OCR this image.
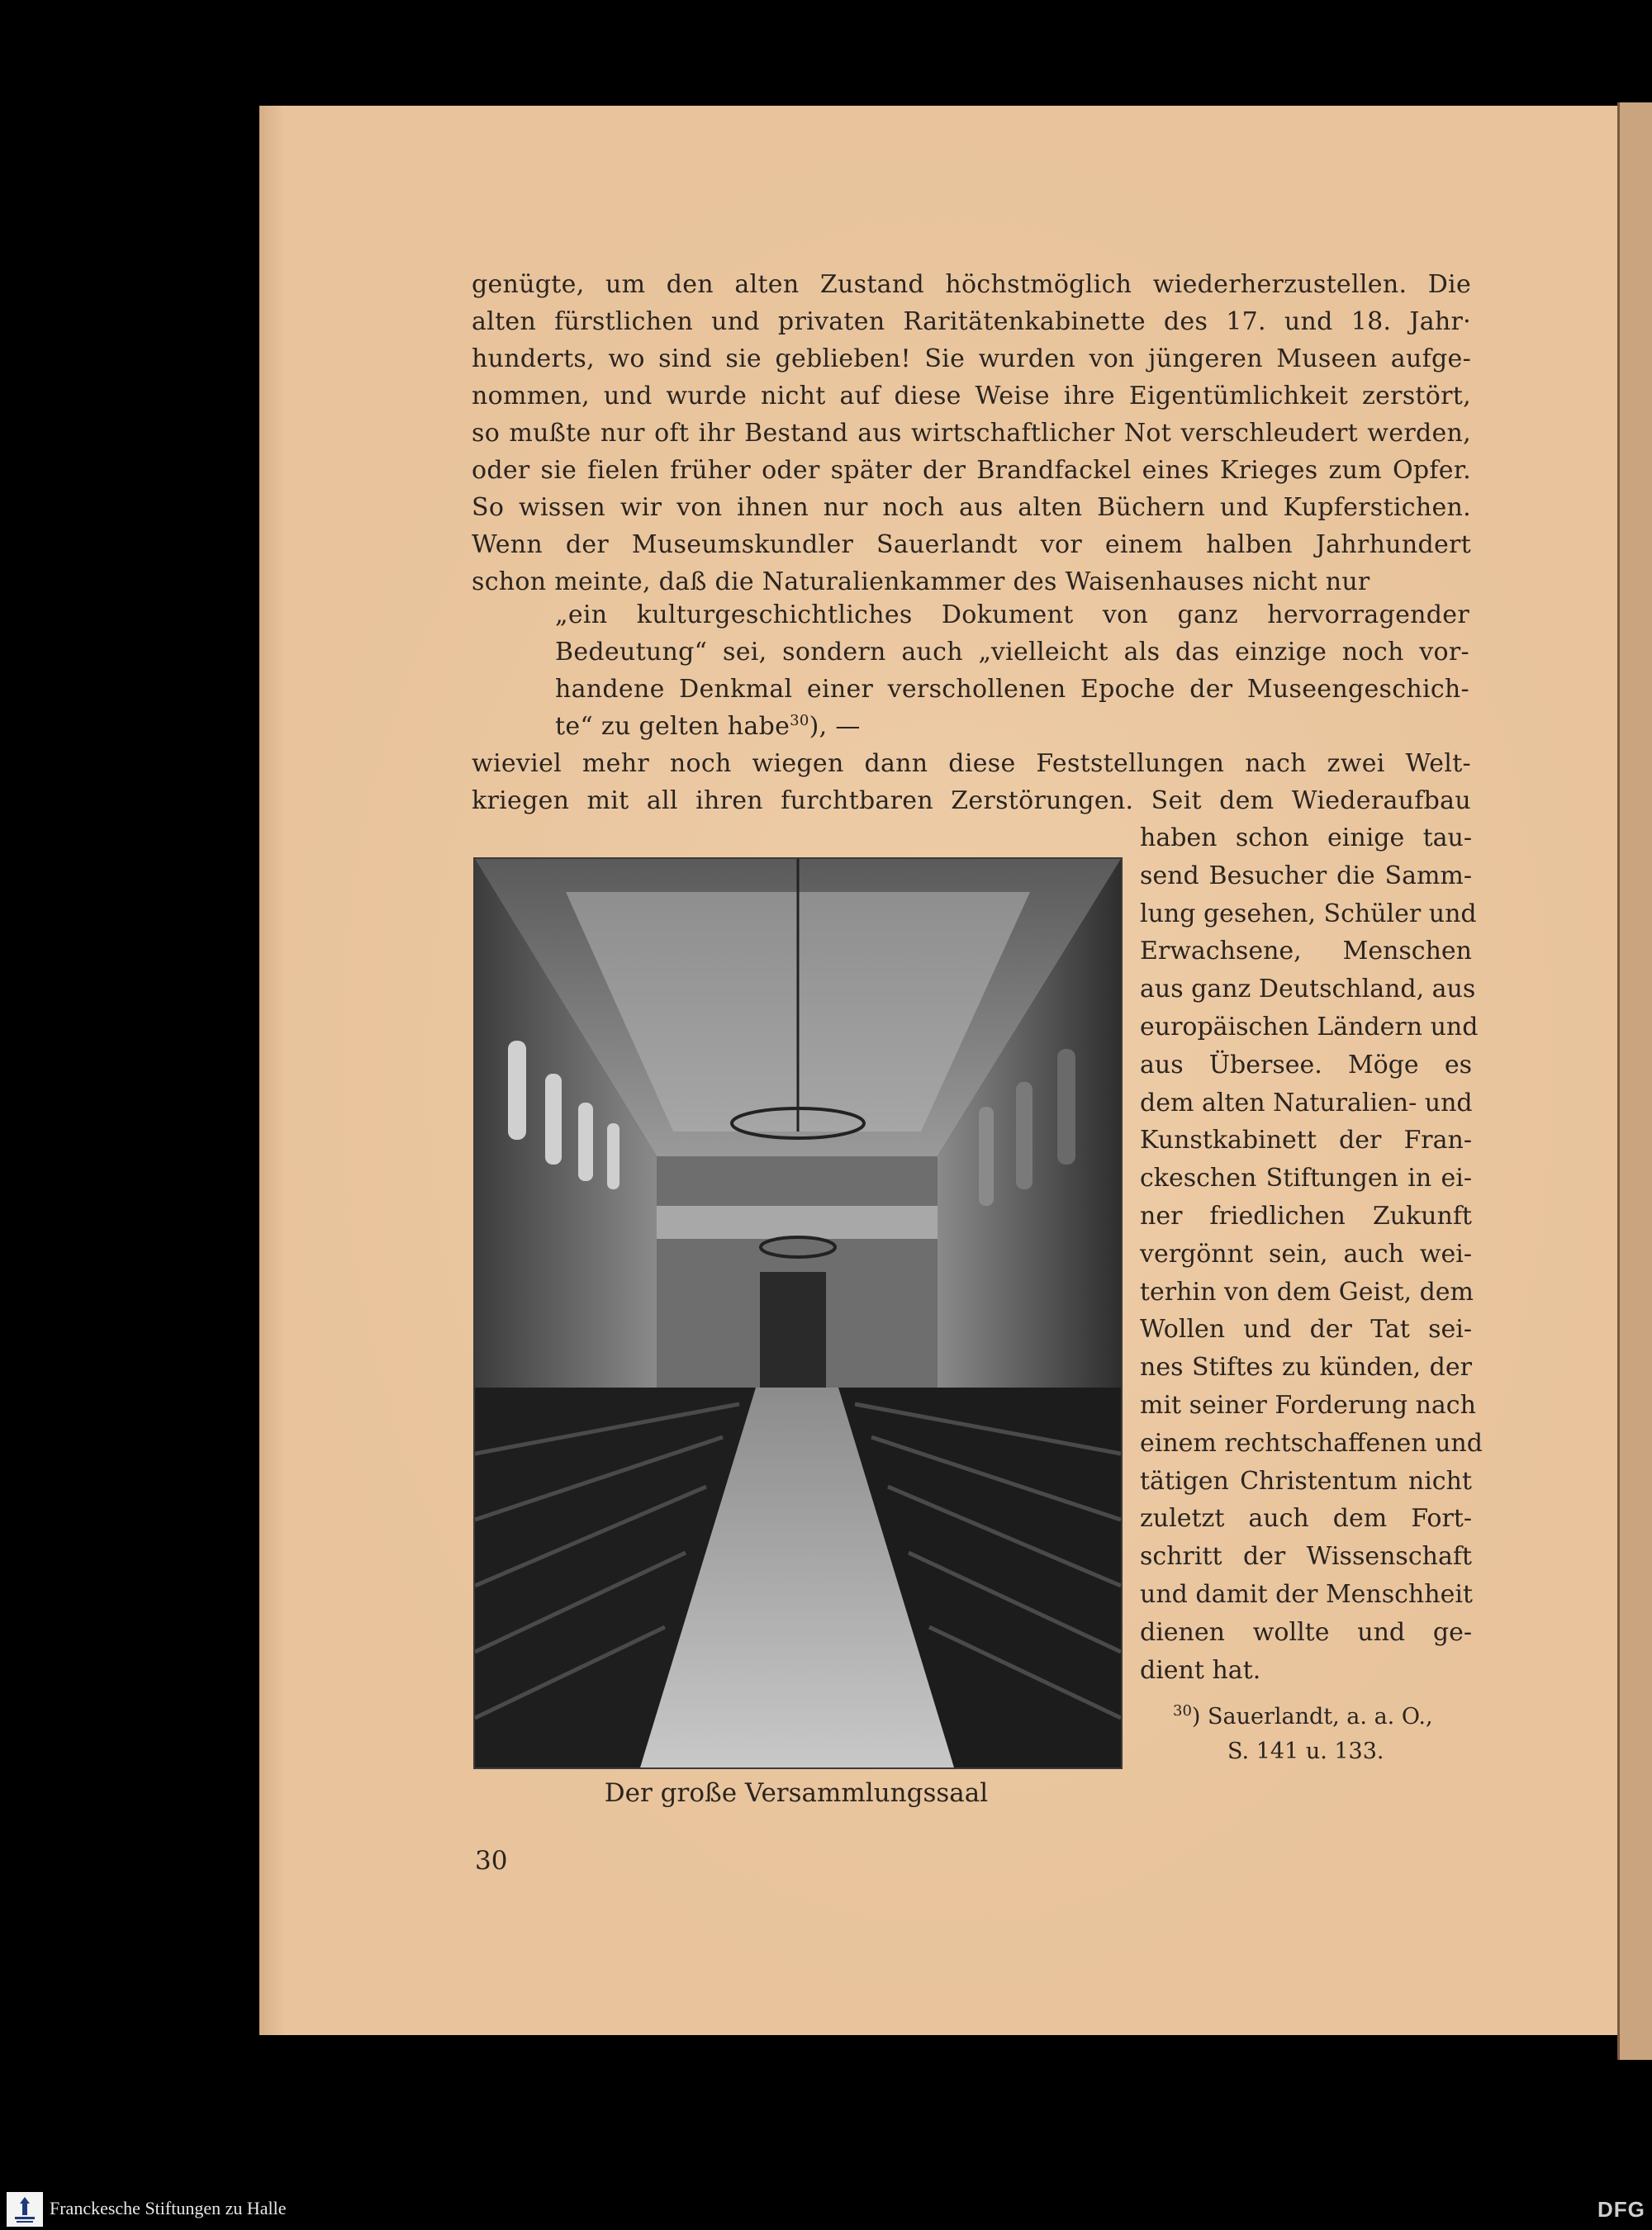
genügte, um den alten Zustand höchstmöglich wiederherzustellen. Die
alten fürstlichen und privaten Raritätenkabinette des 17. und 18. Jahr·
hunderts, wo sind sie geblieben! Sie wurden von jüngeren Museen aufge-
nommen, und wurde nicht auf diese Weise ihre Eigentümlichkeit zerstört,
so mußte nur oft ihr Bestand aus wirtschaftlicher Not verschleudert werden,
oder sie fielen früher oder später der Brandfackel eines Krieges zum Opfer.
So wissen wir von ihnen nur noch aus alten Büchern und Kupferstichen.
Wenn der Museumskundler Sauerlandt vor einem halben Jahrhundert
schon meinte, daß die Naturalienkammer des Waisenhauses nicht nur
„ein kulturgeschichtliches Dokument von ganz hervorragender
Bedeutung“ sei, sondern auch „vielleicht als das einzige noch vor-
handene Denkmal einer verschollenen Epoche der Museengeschich-
te“ zu gelten habe$^{30}$), —
wieviel mehr noch wiegen dann diese Feststellungen nach zwei Welt-
kriegen mit all ihren furchtbaren Zerstörungen. Seit dem Wiederaufbau
haben schon einige tau-
send Besucher die Samm-
lung gesehen, Schüler und
Erwachsene, Menschen
aus ganz Deutschland, aus
europäischen Ländern und
aus Übersee. Möge es
dem alten Naturalien- und
Kunstkabinett der Fran-
ckeschen Stiftungen in ei-
ner friedlichen Zukunft
vergönnt sein, auch wei-
terhin von dem Geist, dem
Wollen und der Tat sei-
nes Stiftes zu künden, der
mit seiner Forderung nach
einem rechtschaffenen und
tätigen Christentum nicht
zuletzt auch dem Fort-
schritt der Wissenschaft
und damit der Menschheit
dienen wollte und ge-
dient hat.
$^{30}$) Sauerlandt, a. a. O.,
S. 141 u. 133.
Der große Versammlungssaal
30
Franckesche Stiftungen zu Halle	DFG
